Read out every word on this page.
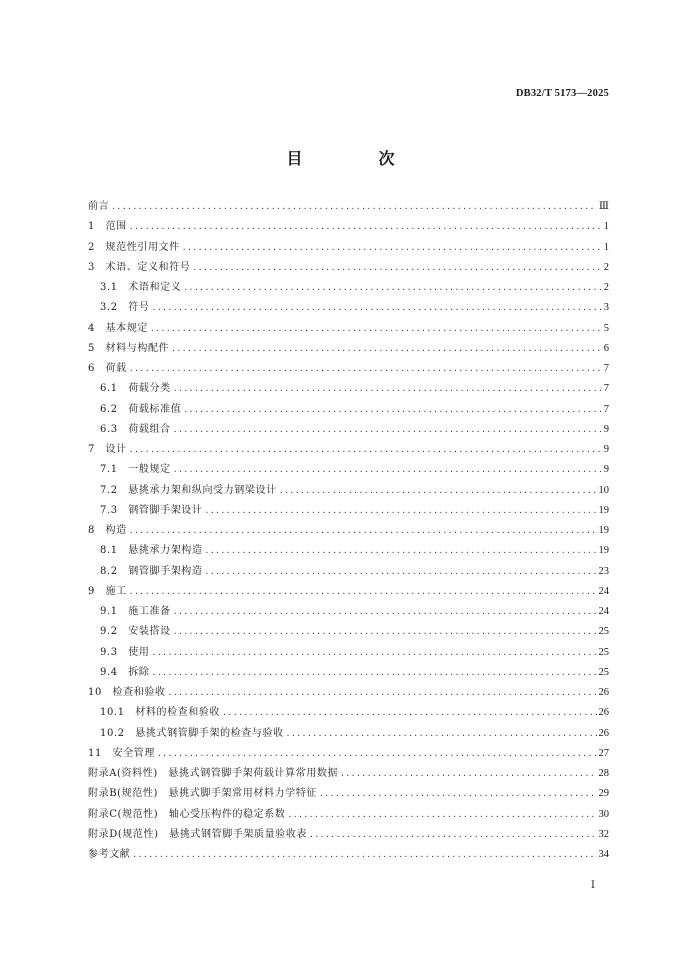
DB32/T 5173—2025
目　次
前言 .....	Ⅲ
1　范围 .....	1
2　规范性引用文件 .....	1
3　术语、定义和符号 .....	2
3.1　术语和定义 .....	2
3.2　符号 .....	3
4　基本规定 .....	5
5　材料与构配件 .....	6
6　荷载 .....	7
6.1　荷载分类 .....	7
6.2　荷载标准值 .....	7
6.3　荷载组合 .....	9
7　设计 .....	9
7.1　一般规定 .....	9
7.2　悬挑承力架和纵向受力钢梁设计 .....	10
7.3　钢管脚手架设计 .....	19
8　构造 .....	19
8.1　悬挑承力架构造 .....	19
8.2　钢管脚手架构造 .....	23
9　施工 .....	24
9.1　施工准备 .....	24
9.2　安装搭设 .....	25
9.3　使用 .....	25
9.4　拆除 .....	25
10　检查和验收 .....	26
10.1　材料的检查和验收 .....	26
10.2　悬挑式钢管脚手架的检查与验收 .....	26
11　安全管理 .....	27
附录A(资料性)　悬挑式钢管脚手架荷载计算常用数据 .....	28
附录B(规范性)　悬挑式脚手架常用材料力学特征 .....	29
附录C(规范性)　轴心受压构件的稳定系数 .....	30
附录D(规范性)　悬挑式钢管脚手架质量验收表 .....	32
参考文献 .....	34
Ⅰ
